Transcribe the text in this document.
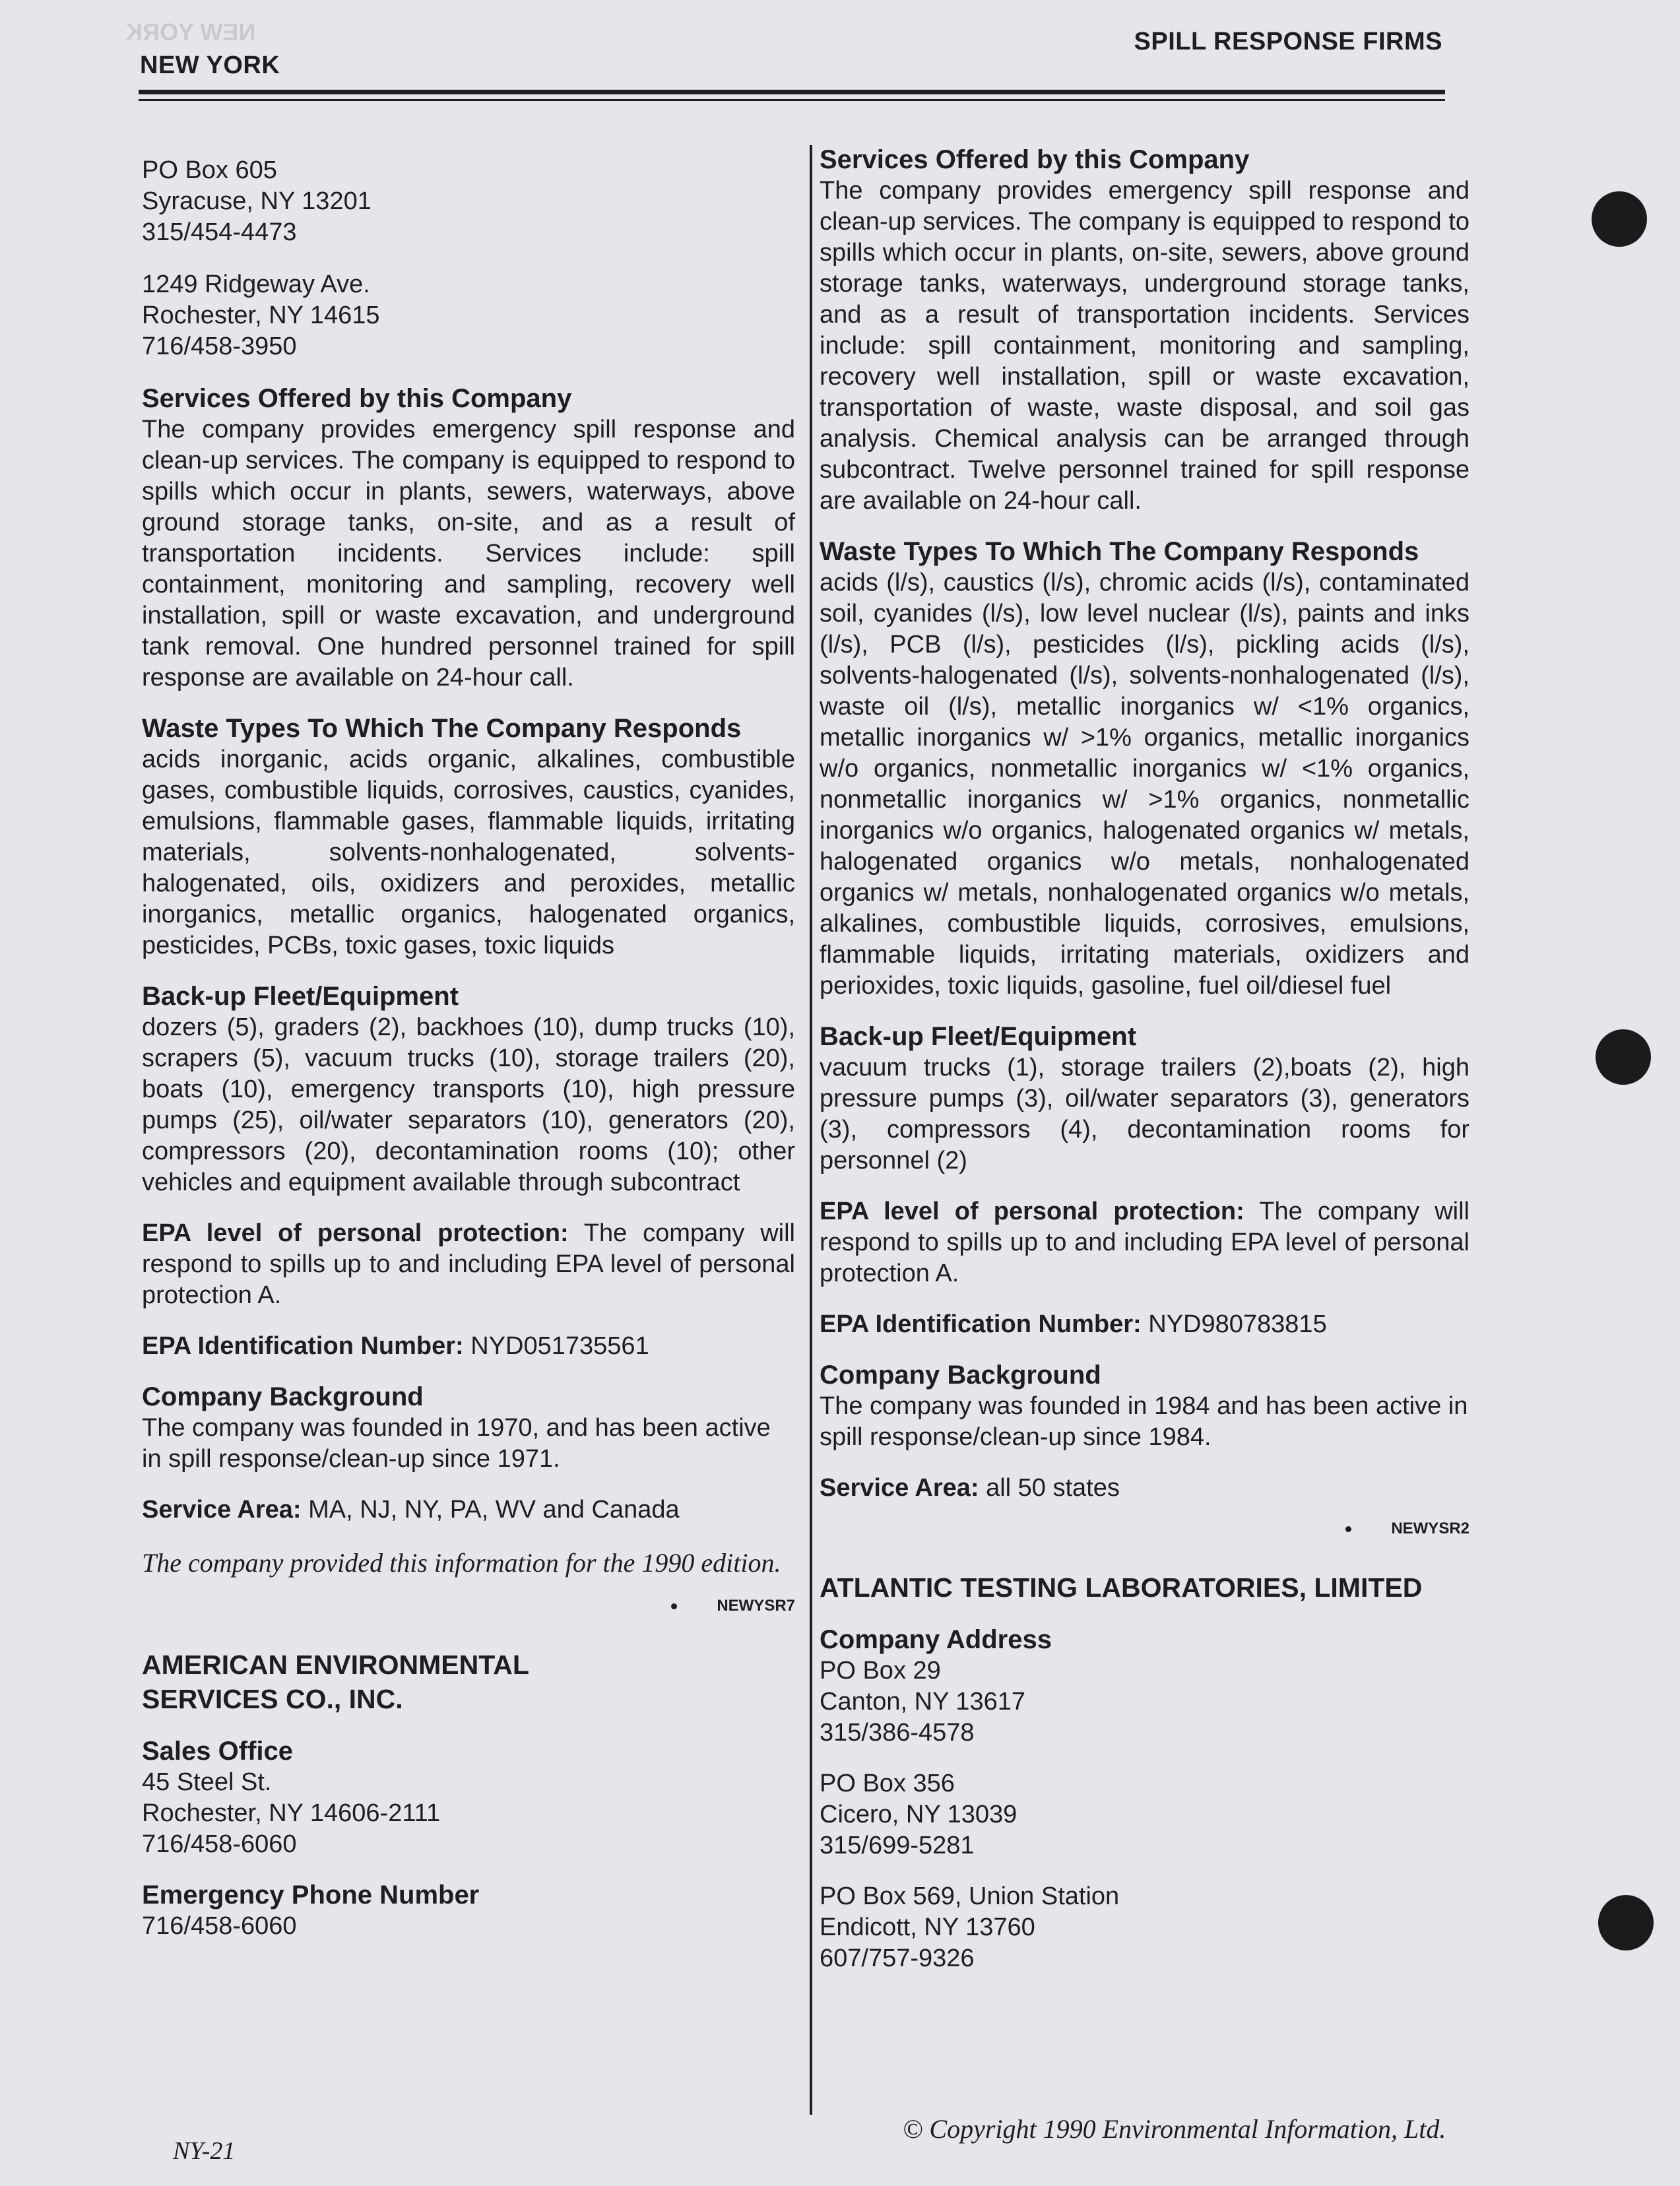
NEW YORK
NEW YORK
SPILL RESPONSE FIRMS
PO Box 605
Syracuse, NY 13201
315/454-4473
1249 Ridgeway Ave.
Rochester, NY 14615
716/458-3950
Services Offered by this Company
The company provides emergency spill response and clean-up services. The company is equipped to respond to spills which occur in plants, sewers, waterways, above ground storage tanks, on-site, and as a result of transportation incidents. Services include: spill containment, monitoring and sampling, recovery well installation, spill or waste excavation, and underground tank removal. One hundred personnel trained for spill response are available on 24-hour call.
Waste Types To Which The Company Responds
acids inorganic, acids organic, alkalines, combustible gases, combustible liquids, corrosives, caustics, cyanides, emulsions, flammable gases, flammable liquids, irritating materials, solvents-nonhalogenated, solvents-halogenated, oils, oxidizers and peroxides, metallic inorganics, metallic organics, halogenated organics, pesticides, PCBs, toxic gases, toxic liquids
Back-up Fleet/Equipment
dozers (5), graders (2), backhoes (10), dump trucks (10), scrapers (5), vacuum trucks (10), storage trailers (20), boats (10), emergency transports (10), high pressure pumps (25), oil/water separators (10), generators (20), compressors (20), decontamination rooms (10); other vehicles and equipment available through subcontract
EPA level of personal protection: The company will respond to spills up to and including EPA level of personal protection A.
EPA Identification Number: NYD051735561
Company Background
The company was founded in 1970, and has been active in spill response/clean-up since 1971.
Service Area: MA, NJ, NY, PA, WV and Canada
The company provided this information for the 1990 edition.
NEWYSR7
AMERICAN ENVIRONMENTAL
SERVICES CO., INC.
Sales Office
45 Steel St.
Rochester, NY 14606-2111
716/458-6060
Emergency Phone Number
716/458-6060
Services Offered by this Company
The company provides emergency spill response and clean-up services. The company is equipped to respond to spills which occur in plants, on-site, sewers, above ground storage tanks, waterways, underground storage tanks, and as a result of transportation incidents. Services include: spill containment, monitoring and sampling, recovery well installation, spill or waste excavation, transportation of waste, waste disposal, and soil gas analysis. Chemical analysis can be arranged through subcontract. Twelve personnel trained for spill response are available on 24-hour call.
Waste Types To Which The Company Responds
acids (l/s), caustics (l/s), chromic acids (l/s), contaminated soil, cyanides (l/s), low level nuclear (l/s), paints and inks (l/s), PCB (l/s), pesticides (l/s), pickling acids (l/s), solvents-halogenated (l/s), solvents-nonhalogenated (l/s), waste oil (l/s), metallic inorganics w/ <1% organics, metallic inorganics w/ >1% organics, metallic inorganics w/o organics, nonmetallic inorganics w/ <1% organics, nonmetallic inorganics w/ >1% organics, nonmetallic inorganics w/o organics, halogenated organics w/ metals, halogenated organics w/o metals, nonhalogenated organics w/ metals, nonhalogenated organics w/o metals, alkalines, combustible liquids, corrosives, emulsions, flammable liquids, irritating materials, oxidizers and perioxides, toxic liquids, gasoline, fuel oil/diesel fuel
Back-up Fleet/Equipment
vacuum trucks (1), storage trailers (2),boats (2), high pressure pumps (3), oil/water separators (3), generators (3), compressors (4), decontamination rooms for personnel (2)
EPA level of personal protection: The company will respond to spills up to and including EPA level of personal protection A.
EPA Identification Number: NYD980783815
Company Background
The company was founded in 1984 and has been active in spill response/clean-up since 1984.
Service Area: all 50 states
NEWYSR2
ATLANTIC TESTING LABORATORIES, LIMITED
Company Address
PO Box 29
Canton, NY 13617
315/386-4578
PO Box 356
Cicero, NY 13039
315/699-5281
PO Box 569, Union Station
Endicott, NY 13760
607/757-9326
NY-21
© Copyright 1990 Environmental Information, Ltd.
